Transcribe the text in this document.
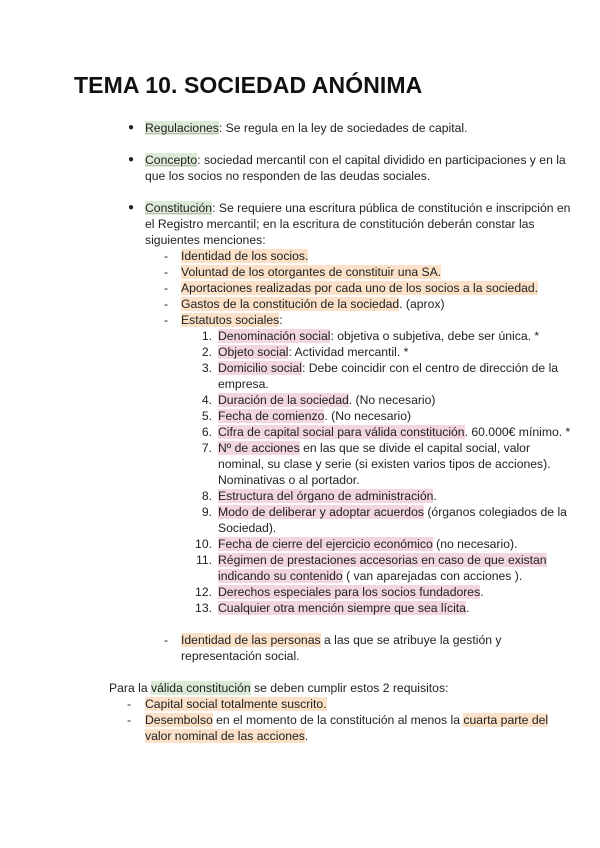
TEMA 10. SOCIEDAD ANÓNIMA
● Regulaciones: Se regula en la ley de sociedades de capital.
● Concepto: sociedad mercantil con el capital dividido en participaciones y en la
que los socios no responden de las deudas sociales.
● Constitución: Se requiere una escritura pública de constitución e inscripción en
el Registro mercantil; en la escritura de constitución deberán constar las
siguientes menciones:
- Identidad de los socios.
- Voluntad de los otorgantes de constituir una SA.
- Aportaciones realizadas por cada uno de los socios a la sociedad.
- Gastos de la constitución de la sociedad. (aprox)
- Estatutos sociales:
1. Denominación social: objetiva o subjetiva, debe ser única. *
2. Objeto social: Actividad mercantil. *
3. Domicilio social: Debe coincidir con el centro de dirección de la
empresa.
4. Duración de la sociedad. (No necesario)
5. Fecha de comienzo. (No necesario)
6. Cifra de capital social para válida constitución. 60.000€ mínimo. *
7. Nº de acciones en las que se divide el capital social, valor
nominal, su clase y serie (si existen varios tipos de acciones).
Nominativas o al portador.
8. Estructura del órgano de administración.
9. Modo de deliberar y adoptar acuerdos (órganos colegiados de la
Sociedad).
10. Fecha de cierre del ejercicio económico (no necesario).
11. Régimen de prestaciones accesorias en caso de que existan
indicando su contenido ( van aparejadas con acciones ).
12. Derechos especiales para los socios fundadores.
13. Cualquier otra mención siempre que sea lícita.
- Identidad de las personas a las que se atribuye la gestión y
representación social.
Para la válida constitución se deben cumplir estos 2 requisitos:
- Capital social totalmente suscrito.
- Desembolso en el momento de la constitución al menos la cuarta parte del
valor nominal de las acciones.
